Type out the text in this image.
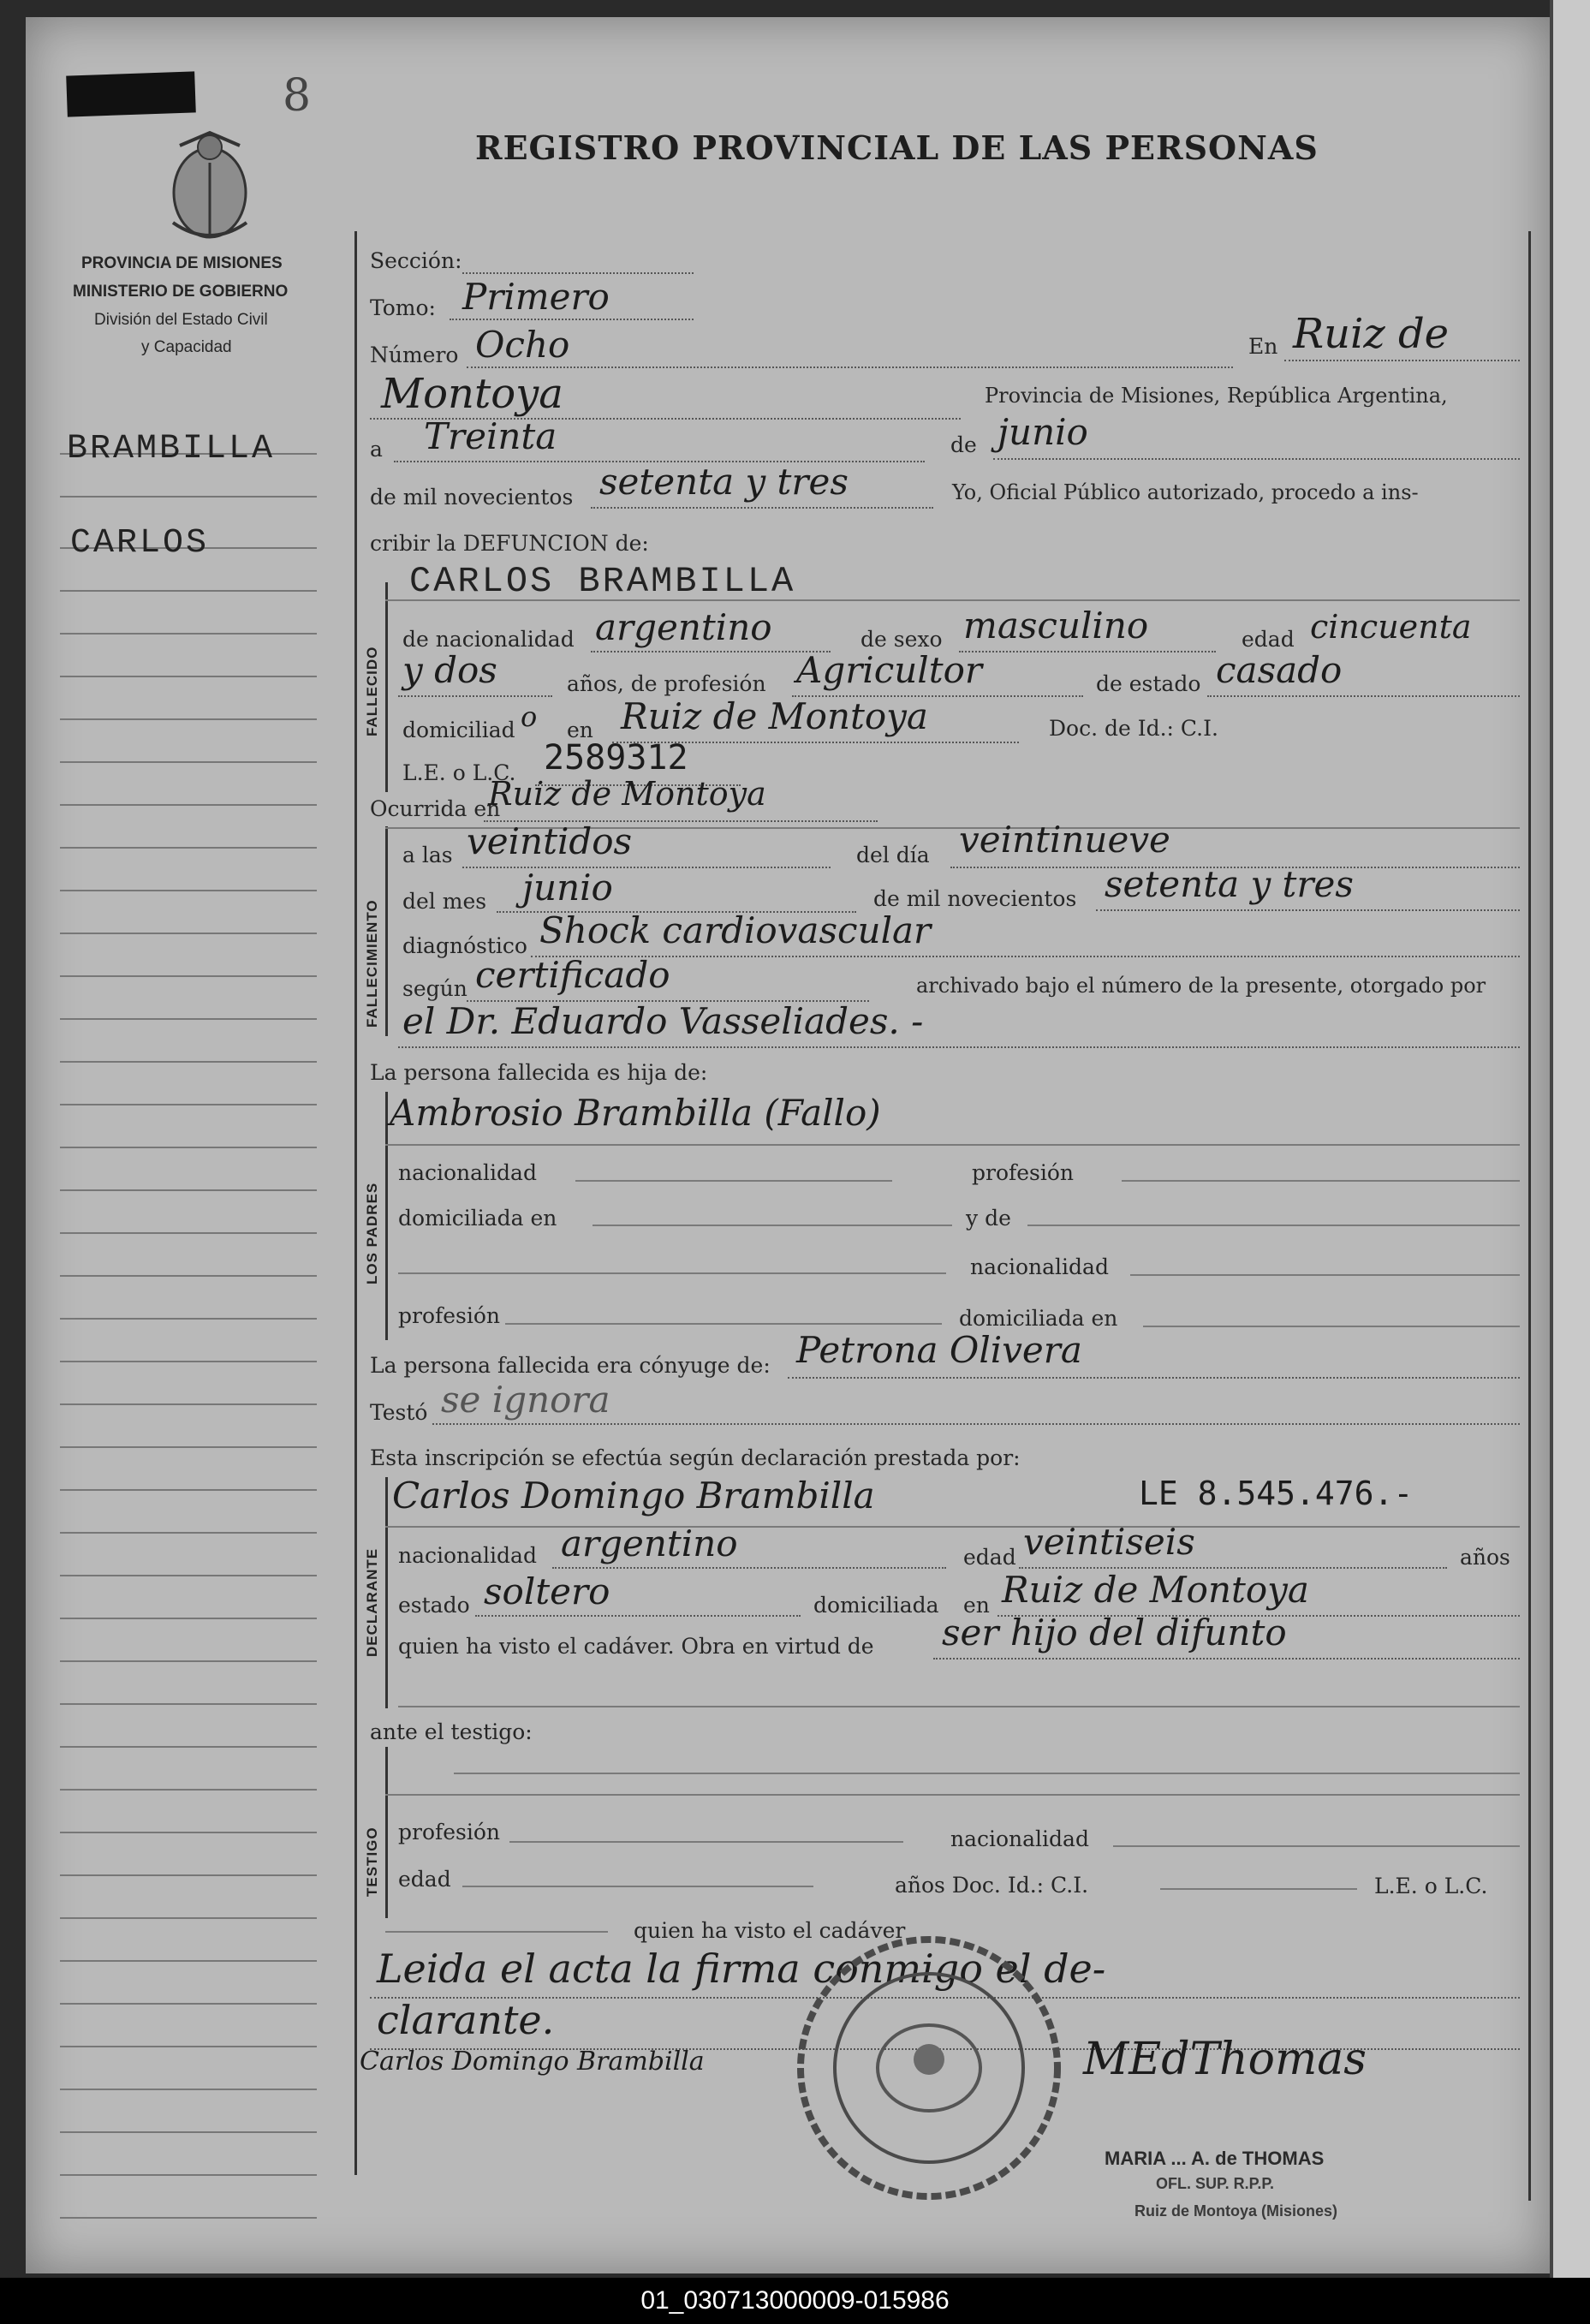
8
REGISTRO PROVINCIAL DE LAS PERSONAS
PROVINCIA DE MISIONES
MINISTERIO DE GOBIERNO
División del Estado Civil
y Capacidad
BRAMBILLA
CARLOS
Sección:
Tomo: Primero
Número Ocho	En Ruiz de
Montoya	Provincia de Misiones, República Argentina,
a Treinta	de junio
de mil novecientos setenta y tres	Yo, Oficial Público autorizado, procedo a ins-
cribir la DEFUNCION de:
FALLECIDO
CARLOS BRAMBILLA
de nacionalidad argentino	de sexo masculino	edad cincuenta
y dos	años, de profesión Agricultor	de estado casado
domiciliad o en Ruiz de Montoya	Doc. de Id.: C.I.
L.E. o L.C. 2589312
Ocurrida en
Ruiz de Montoya
FALLECIMIENTO
a las veintidos	del día veintinueve
del mes junio	de mil novecientos setenta y tres
diagnóstico Shock cardiovascular
según certificado	archivado bajo el número de la presente, otorgado por
el Dr. Eduardo Vasseliades. -
La persona fallecida es hija de:
LOS PADRES
Ambrosio Brambilla (Fallo)
nacionalidad	profesión
domiciliada en	y de
nacionalidad
profesión	domiciliada en
La persona fallecida era cónyuge de: Petrona Olivera
Testó se ignora
Esta inscripción se efectúa según declaración prestada por:
DECLARANTE
Carlos Domingo Brambilla	LE 8.545.476.-
nacionalidad argentino	edad veintiseis	años
estado soltero	domiciliada en Ruiz de Montoya
quien ha visto el cadáver. Obra en virtud de ser hijo del difunto
ante el testigo:
TESTIGO profesión	nacionalidad
edad	años Doc. Id.: C.I.	L.E. o L.C.
quien ha visto el cadáver
Leida el acta la firma conmigo el de-
clarante.
Carlos Domingo Brambilla	MEdThomas
MARIA ... A. de THOMAS
OFL. SUP. R.P.P.
Ruiz de Montoya (Misiones)
01_030713000009-015986
